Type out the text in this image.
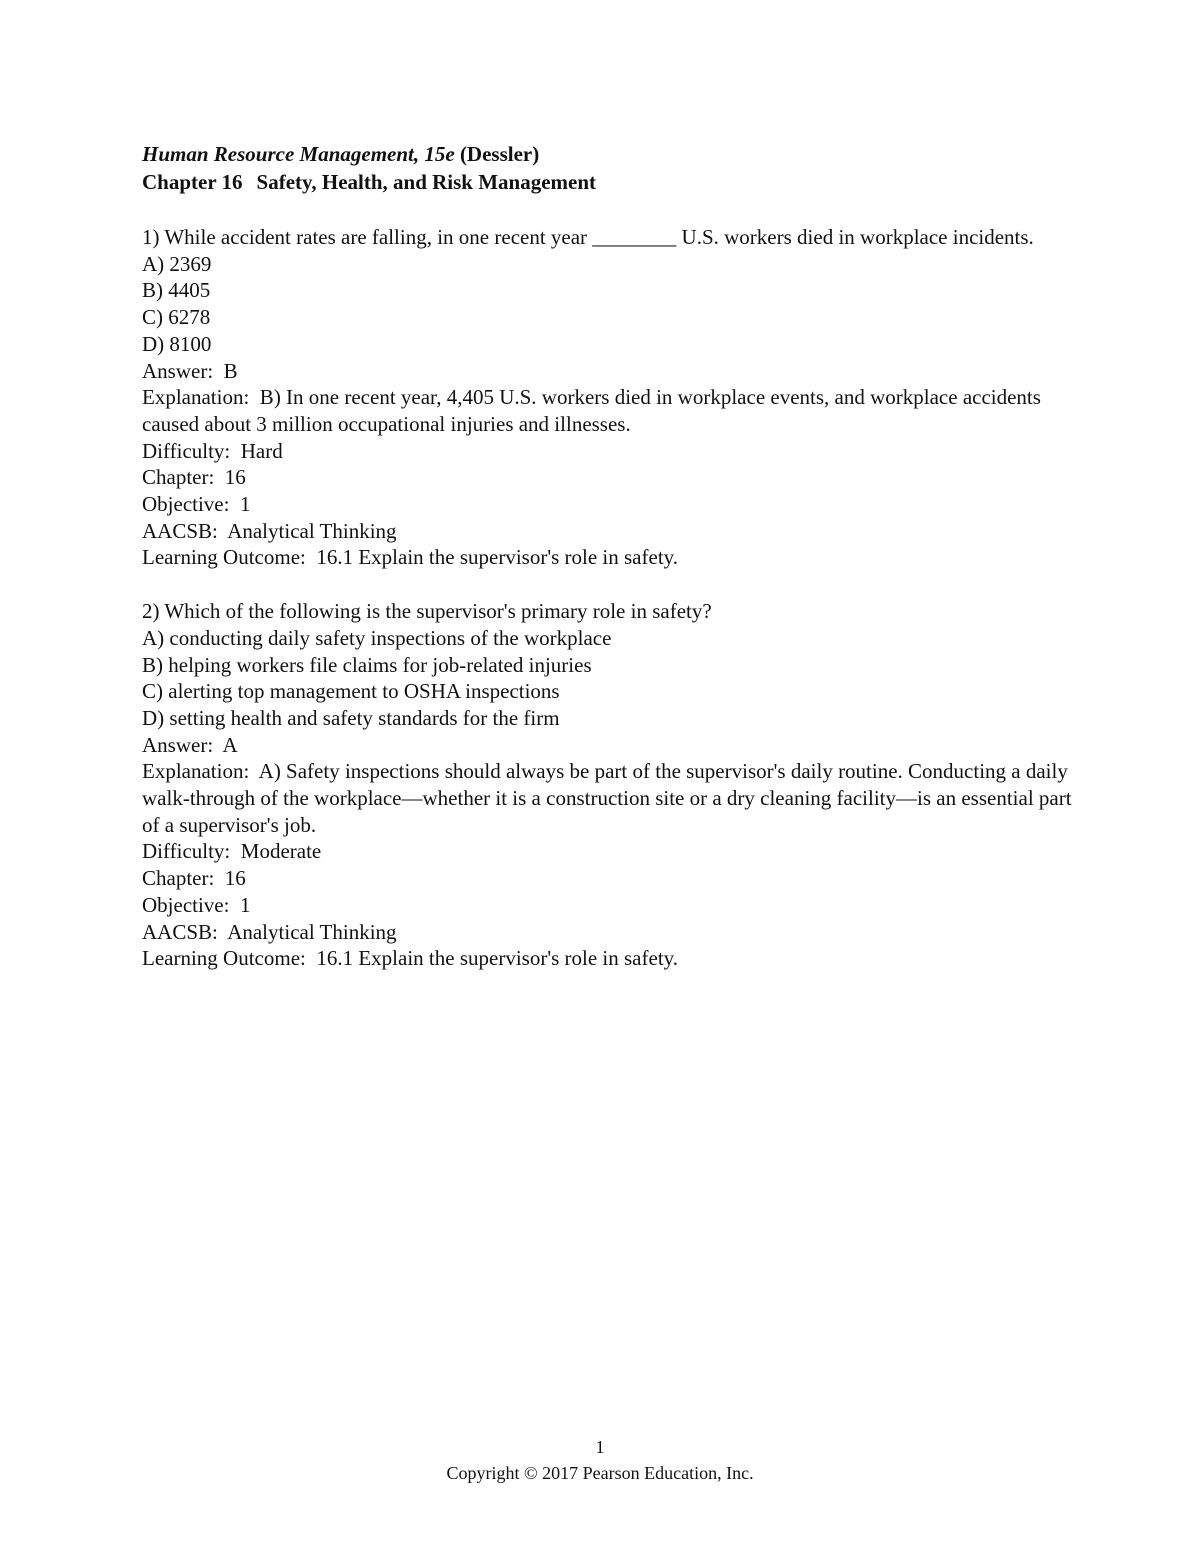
Human Resource Management, 15e (Dessler)

Chapter 16 Safety, Health, and Risk Management

1) While accident rates are falling, in one recent year ________ U.S. workers died in workplace incidents.

A) 2369

B) 4405

C) 6278

D) 8100

Answer:  B

Explanation:  B) In one recent year, 4,405 U.S. workers died in workplace events, and workplace accidents caused about 3 million occupational injuries and illnesses.

Difficulty:  Hard

Chapter:  16

Objective:  1

AACSB:  Analytical Thinking

Learning Outcome:  16.1 Explain the supervisor's role in safety.

2) Which of the following is the supervisor's primary role in safety?

A) conducting daily safety inspections of the workplace

B) helping workers file claims for job-related injuries

C) alerting top management to OSHA inspections

D) setting health and safety standards for the firm

Answer:  A

Explanation:  A) Safety inspections should always be part of the supervisor's daily routine. Conducting a daily walk-through of the workplace—whether it is a construction site or a dry cleaning facility—is an essential part of a supervisor's job.

Difficulty:  Moderate

Chapter:  16

Objective:  1

AACSB:  Analytical Thinking

Learning Outcome:  16.1 Explain the supervisor's role in safety.

1
Copyright © 2017 Pearson Education, Inc.
